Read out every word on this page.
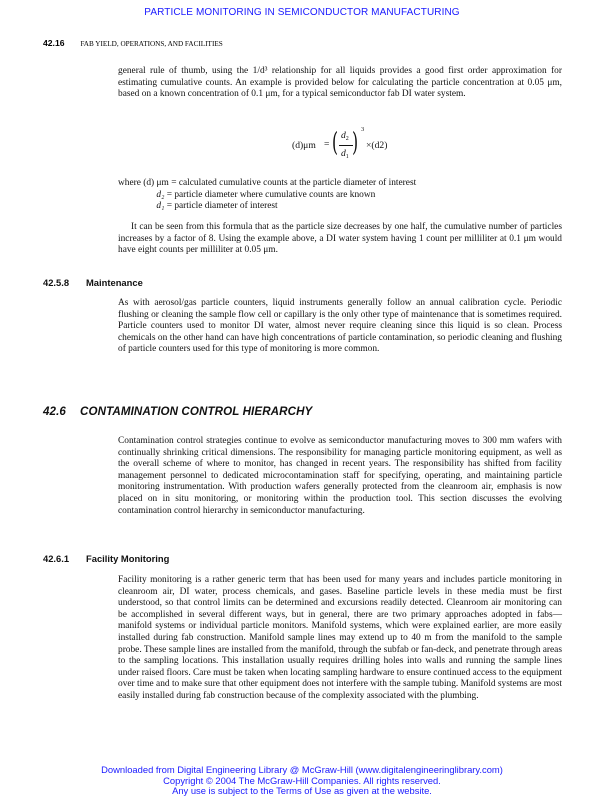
PARTICLE MONITORING IN SEMICONDUCTOR MANUFACTURING
42.16 FAB YIELD, OPERATIONS, AND FACILITIES

general rule of thumb, using the 1/d³ relationship for all liquids provides a good first order approximation for estimating cumulative counts. An example is provided below for calculating the particle concentration at 0.05 μm, based on a known concentration of 0.1 μm, for a typical semiconductor fab DI water system.

(d)μm = ( $d_2$
$d_1$ ) 3
×(d2)
where (d) μm = calculated cumulative counts at the particle diameter of interest
d₂ = particle diameter where cumulative counts are known
d₁ = particle diameter of interest

It can be seen from this formula that as the particle size decreases by one half, the cumulative number of particles increases by a factor of 8. Using the example above, a DI water system having 1 count per milliliter at 0.1 μm would have eight counts per milliliter at 0.05 μm.

42.5.8 Maintenance

As with aerosol/gas particle counters, liquid instruments generally follow an annual calibration cycle. Periodic flushing or cleaning the sample flow cell or capillary is the only other type of maintenance that is sometimes required. Particle counters used to monitor DI water, almost never require cleaning since this liquid is so clean. Process chemicals on the other hand can have high concentrations of particle contamination, so periodic cleaning and flushing of particle counters used for this type of monitoring is more common.

42.6 CONTAMINATION CONTROL HIERARCHY

Contamination control strategies continue to evolve as semiconductor manufacturing moves to 300 mm wafers with continually shrinking critical dimensions. The responsibility for managing particle monitoring equipment, as well as the overall scheme of where to monitor, has changed in recent years. The responsibility has shifted from facility management personnel to dedicated microcontamination staff for specifying, operating, and maintaining particle monitoring instrumentation. With production wafers generally protected from the cleanroom air, emphasis is now placed on in situ monitoring, or monitoring within the production tool. This section discusses the evolving contamination control hierarchy in semiconductor manufacturing.

42.6.1 Facility Monitoring

Facility monitoring is a rather generic term that has been used for many years and includes particle monitoring in cleanroom air, DI water, process chemicals, and gases. Baseline particle levels in these media must be first understood, so that control limits can be determined and excursions readily detected. Cleanroom air monitoring can be accomplished in several different ways, but in general, there are two primary approaches adopted in fabs—manifold systems or individual particle monitors. Manifold systems, which were explained earlier, are more easily installed during fab construction. Manifold sample lines may extend up to 40 m from the manifold to the sample probe. These sample lines are installed from the manifold, through the subfab or fan-deck, and penetrate through areas to the sampling locations. This installation usually requires drilling holes into walls and running the sample lines under raised floors. Care must be taken when locating sampling hardware to ensure continued access to the equipment over time and to make sure that other equipment does not interfere with the sample tubing. Manifold systems are most easily installed during fab construction because of the complexity associated with the plumbing.

Downloaded from Digital Engineering Library @ McGraw-Hill (www.digitalengineeringlibrary.com)
Copyright © 2004 The McGraw-Hill Companies. All rights reserved.
Any use is subject to the Terms of Use as given at the website.
